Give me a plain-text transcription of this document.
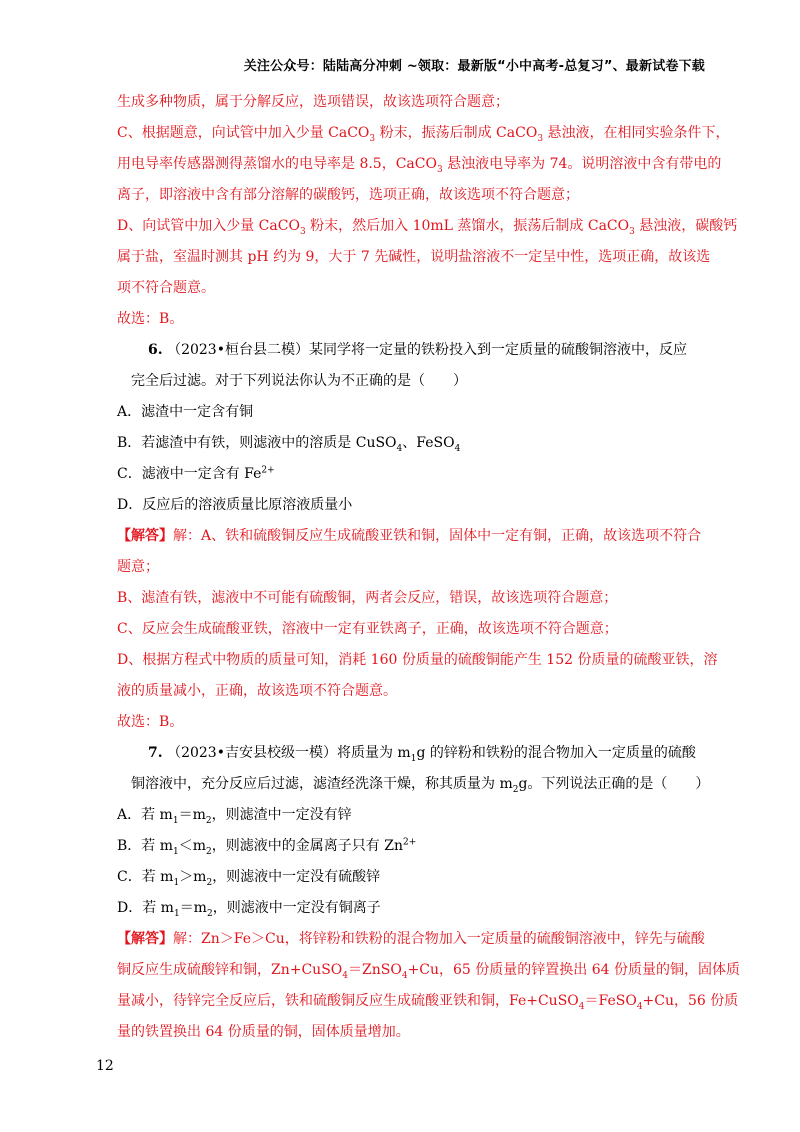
关注公众号：陆陆高分冲刺 ~领取：最新版“小中高考-总复习”、最新试卷下载
生成多种物质，属于分解反应，选项错误，故该选项符合题意；
C、根据题意，向试管中加入少量 CaCO$_3$ 粉末，振荡后制成 CaCO$_3$ 悬浊液，在相同实验条件下，
用电导率传感器测得蒸馏水的电导率是 8.5，CaCO$_3$ 悬浊液电导率为 74。说明溶液中含有带电的
离子，即溶液中含有部分溶解的碳酸钙，选项正确，故该选项不符合题意；
D、向试管中加入少量 CaCO$_3$ 粉末，然后加入 10mL 蒸馏水，振荡后制成 CaCO$_3$ 悬浊液，碳酸钙
属于盐，室温时测其 pH 约为 9，大于 7 先碱性，说明盐溶液不一定呈中性，选项正确，故该选
项不符合题意。
故选：B。
6. （2023•桓台县二模）某同学将一定量的铁粉投入到一定质量的硫酸铜溶液中，反应
完全后过滤。对于下列说法你认为不正确的是（　　）
A．滤渣中一定含有铜
B．若滤渣中有铁，则滤液中的溶质是 CuSO$_4$、FeSO$_4$
C．滤液中一定含有 $Fe^{2+}$
D．反应后的溶液质量比原溶液质量小
【解答】解：A、铁和硫酸铜反应生成硫酸亚铁和铜，固体中一定有铜，正确，故该选项不符合
题意；
B、滤渣有铁，滤液中不可能有硫酸铜，两者会反应，错误，故该选项符合题意；
C、反应会生成硫酸亚铁，溶液中一定有亚铁离子，正确，故该选项不符合题意；
D、根据方程式中物质的质量可知，消耗 160 份质量的硫酸铜能产生 152 份质量的硫酸亚铁，溶
液的质量减小，正确，故该选项不符合题意。
故选：B。
7. （2023•吉安县校级一模）将质量为 $m_1g$ 的锌粉和铁粉的混合物加入一定质量的硫酸
铜溶液中，充分反应后过滤，滤渣经洗涤干燥，称其质量为 $m_2g$。下列说法正确的是（　　）
A．若 $m_1=m_2$，则滤渣中一定没有锌
B．若 $m_1<m_2$，则滤液中的金属离子只有 $Zn^{2+}$
C．若 $m_1>m_2$，则滤液中一定没有硫酸锌
D．若 $m_1=m_2$，则滤液中一定没有铜离子
【解答】解：Zn＞Fe＞Cu，将锌粉和铁粉的混合物加入一定质量的硫酸铜溶液中，锌先与硫酸
铜反应生成硫酸锌和铜，Zn+CuSO$_4$＝ZnSO$_4$+Cu，65 份质量的锌置换出 64 份质量的铜，固体质
量减小，待锌完全反应后，铁和硫酸铜反应生成硫酸亚铁和铜，Fe+CuSO$_4$＝FeSO$_4$+Cu，56 份质
量的铁置换出 64 份质量的铜，固体质量增加。
12
